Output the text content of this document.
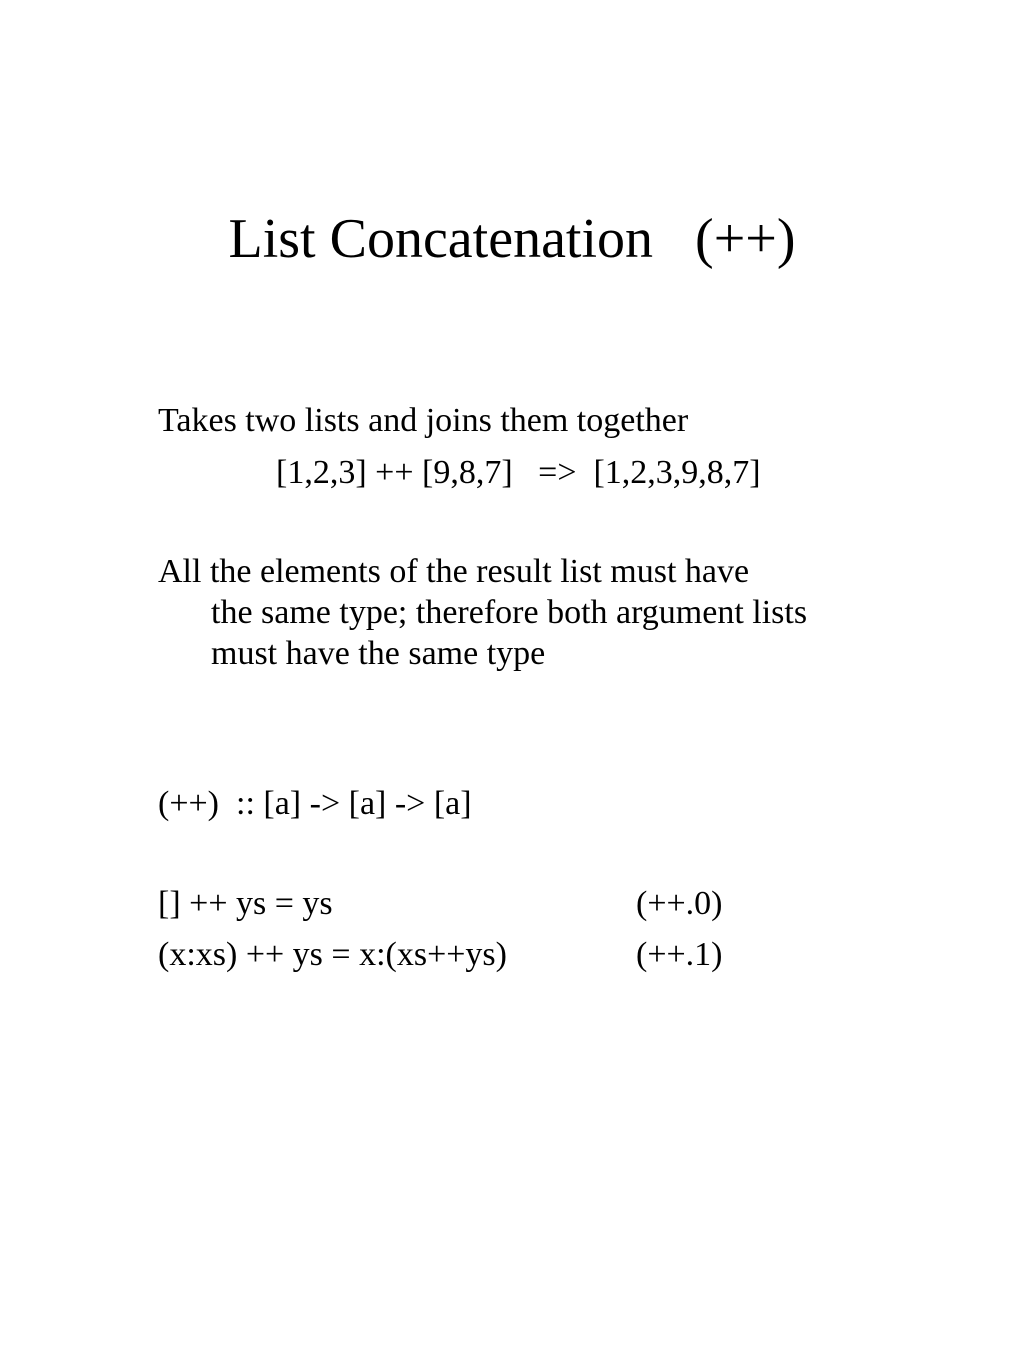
List Concatenation   (++)
Takes two lists and joins them together
[1,2,3] ++ [9,8,7]   =>  [1,2,3,9,8,7]
All the elements of the result list must have
the same type; therefore both argument lists
must have the same type
(++)  :: [a] -> [a] -> [a]
[] ++ ys = ys	(++.0)
(x:xs) ++ ys = x:(xs++ys)	(++.1)
